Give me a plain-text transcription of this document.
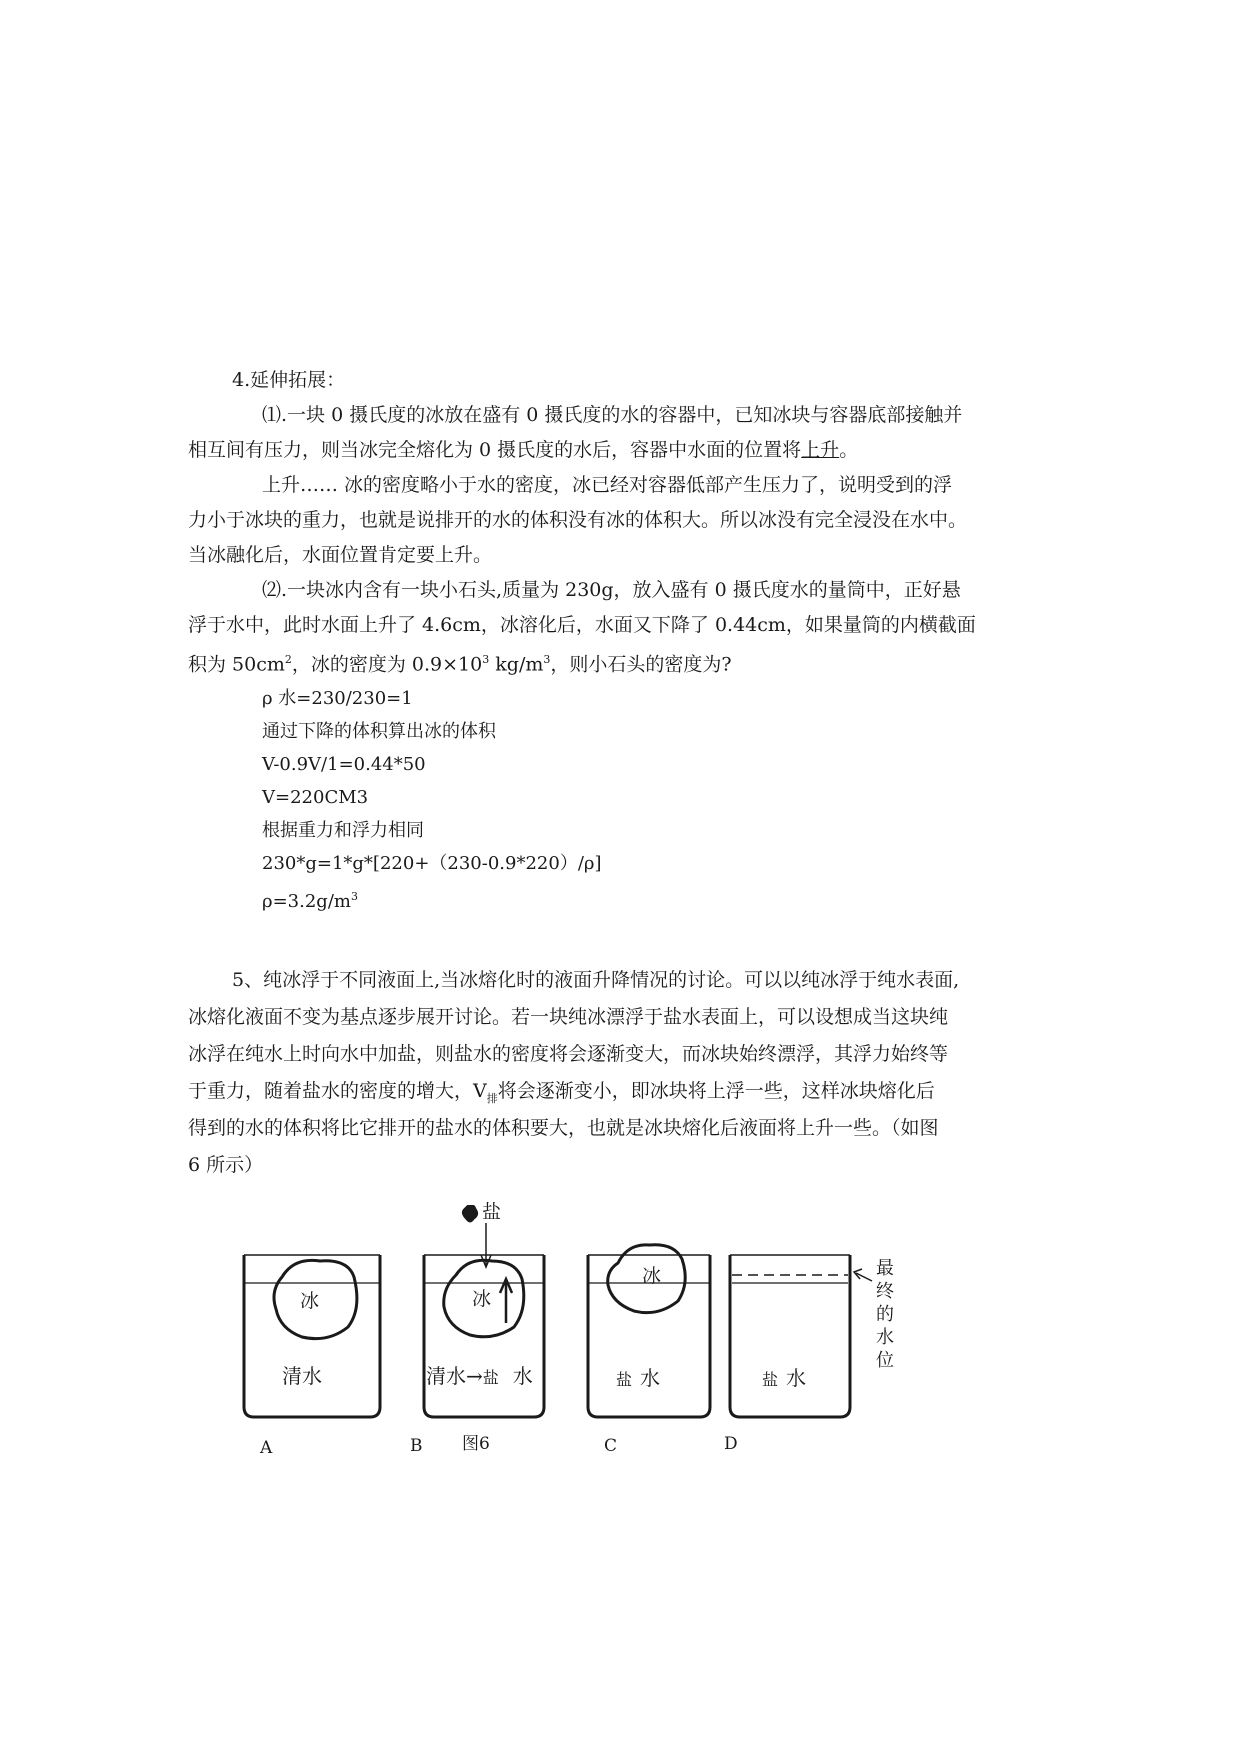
4.延伸拓展：
⑴.一块 0 摄氏度的冰放在盛有 0 摄氏度的水的容器中，已知冰块与容器底部接触并
相互间有压力，则当冰完全熔化为 0 摄氏度的水后，容器中水面的位置将上升。
上升…… 冰的密度略小于水的密度，冰已经对容器低部产生压力了，说明受到的浮
力小于冰块的重力，也就是说排开的水的体积没有冰的体积大。所以冰没有完全浸没在水中。
当冰融化后，水面位置肯定要上升。
⑵.一块冰内含有一块小石头,质量为 230g，放入盛有 0 摄氏度水的量筒中，正好悬
浮于水中，此时水面上升了 4.6cm，冰溶化后，水面又下降了 0.44cm，如果量筒的内横截面
积为 $50cm^2$，冰的密度为 $0.9\times 10^3$ $kg/m^3$，则小石头的密度为?
ρ 水=230/230=1
通过下降的体积算出冰的体积
V-0.9V/1=0.44*50
V=220CM3
根据重力和浮力相同
230*g=1*g*[220+（230-0.9*220）/ρ]
$\rho=3.2g/m^3$
5、纯冰浮于不同液面上,当冰熔化时的液面升降情况的讨论。可以以纯冰浮于纯水表面,
冰熔化液面不变为基点逐步展开讨论。若一块纯冰漂浮于盐水表面上，可以设想成当这块纯
冰浮在纯水上时向水中加盐，则盐水的密度将会逐渐变大，而冰块始终漂浮，其浮力始终等
于重力，随着盐水的密度的增大，$V_排$将会逐渐变小，即冰块将上浮一些，这样冰块熔化后
得到的水的体积将比它排开的盐水的体积要大，也就是冰块熔化后液面将上升一些。（如图
6 所示）
冰
清水
冰
清水→盐 水
盐
冰
盐 水	盐 水
最终的水位
A	B 图6	C	D
